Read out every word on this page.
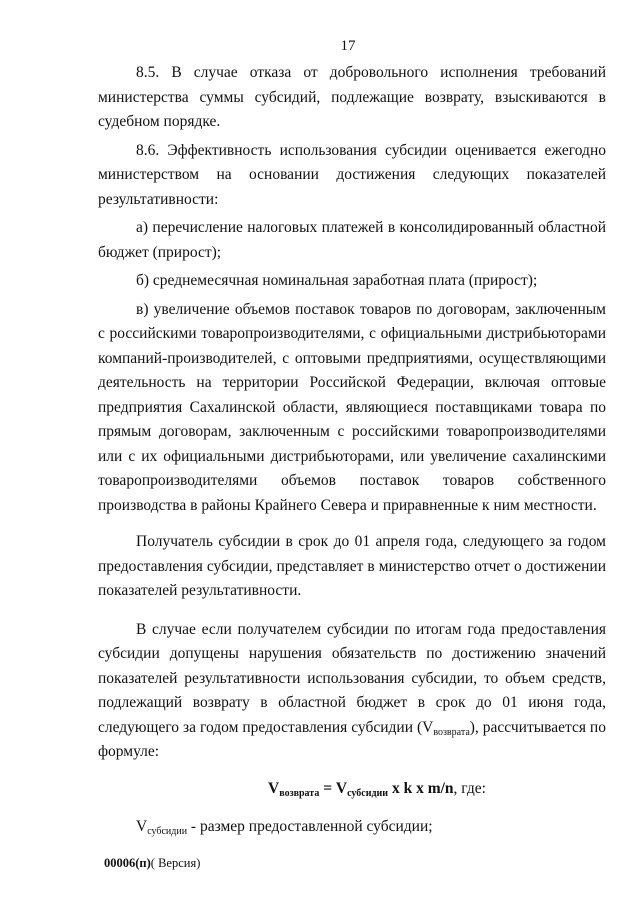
17

8.5. В случае отказа от добровольного исполнения требований министерства суммы субсидий, подлежащие возврату, взыскиваются в судебном порядке.

8.6. Эффективность использования субсидии оценивается ежегодно министерством на основании достижения следующих показателей результативности:

а) перечисление налоговых платежей в консолидированный областной бюджет (прирост);

б) среднемесячная номинальная заработная плата (прирост);

в) увеличение объемов поставок товаров по договорам, заключенным с российскими товаропроизводителями, с официальными дистрибьюторами компаний-производителей, с оптовыми предприятиями, осуществляющими деятельность на территории Российской Федерации, включая оптовые предприятия Сахалинской области, являющиеся поставщиками товара по прямым договорам, заключенным с российскими товаропроизводителями или с их официальными дистрибьюторами, или увеличение сахалинскими товаропроизводителями объемов поставок товаров собственного производства в районы Крайнего Севера и приравненные к ним местности.

Получатель субсидии в срок до 01 апреля года, следующего за годом предоставления субсидии, представляет в министерство отчет о достижении показателей результативности.

В случае если получателем субсидии по итогам года предоставления субсидии допущены нарушения обязательств по достижению значений показателей результативности использования субсидии, то объем средств, подлежащий возврату в областной бюджет в срок до 01 июня года, следующего за годом предоставления субсидии $(V_{возврата})$, рассчитывается по формуле:

$V_{возврата} = V_{субсидии}$ x k x m/n, где:

$V_{субсидии}$ - размер предоставленной субсидии;

00006(п)( Версия)
